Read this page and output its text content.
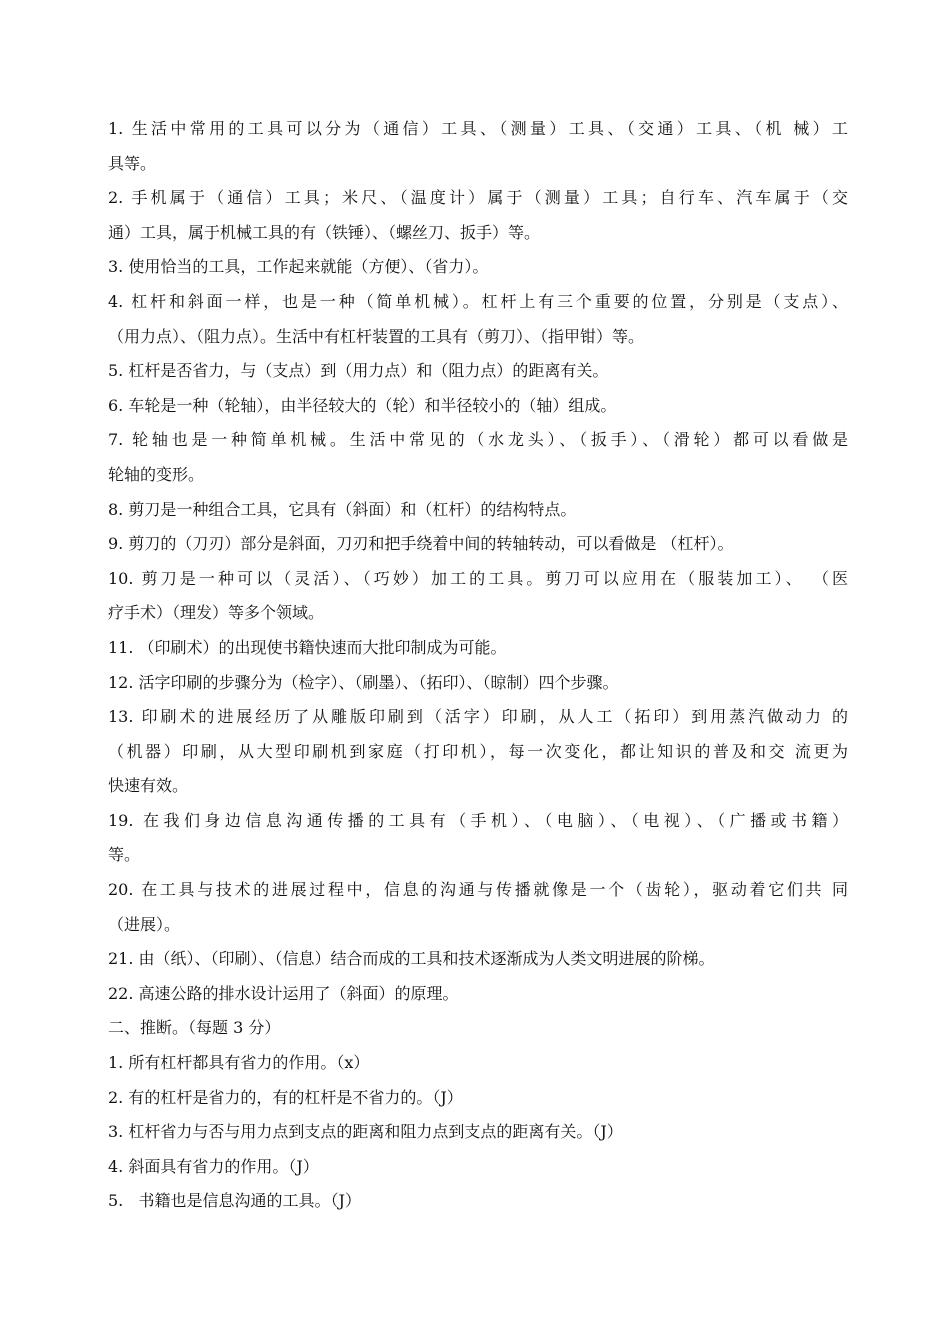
1. 生活中常用的工具可以分为（通信）工具、（测量）工具、（交通）工具、（机 械）工
具等。
2. 手机属于（通信）工具；米尺、（温度计）属于（测量）工具；自行车、汽车属于（交
通）工具，属于机械工具的有（铁锤）、（螺丝刀、扳手）等。
3. 使用恰当的工具，工作起来就能（方便）、（省力）。
4. 杠杆和斜面一样，也是一种（简单机械）。杠杆上有三个重要的位置，分别是（支点）、
（用力点）、（阻力点）。生活中有杠杆装置的工具有（剪刀）、（指甲钳）等。
5. 杠杆是否省力，与（支点）到（用力点）和（阻力点）的距离有关。
6. 车轮是一种（轮轴），由半径较大的（轮）和半径较小的（轴）组成。
7. 轮轴也是一种简单机械。生活中常见的（水龙头）、（扳手）、（滑轮）都可以看做是
轮轴的变形。
8. 剪刀是一种组合工具，它具有（斜面）和（杠杆）的结构特点。
9. 剪刀的（刀刃）部分是斜面，刀刃和把手绕着中间的转轴转动，可以看做是 （杠杆）。
10. 剪刀是一种可以（灵活）、（巧妙）加工的工具。剪刀可以应用在（服装加工）、 （医
疗手术）（理发）等多个领域。
11. （印刷术）的出现使书籍快速而大批印制成为可能。
12. 活字印刷的步骤分为（检字）、（刷墨）、（拓印）、（晾制）四个步骤。
13. 印刷术的进展经历了从雕版印刷到（活字）印刷，从人工（拓印）到用蒸汽做动力 的
（机器）印刷，从大型印刷机到家庭（打印机），每一次变化，都让知识的普及和交 流更为
快速有效。
19. 在我们身边信息沟通传播的工具有（手机）、（电脑）、（电视）、（广播或书籍）
等。
20. 在工具与技术的进展过程中，信息的沟通与传播就像是一个（齿轮），驱动着它们共 同
（进展）。
21. 由（纸）、（印刷）、（信息）结合而成的工具和技术逐渐成为人类文明进展的阶梯。
22. 高速公路的排水设计运用了（斜面）的原理。
二、推断。（每题 3 分）
1. 所有杠杆都具有省力的作用。（x）
2. 有的杠杆是省力的，有的杠杆是不省力的。（J）
3. 杠杆省力与否与用力点到支点的距离和阻力点到支点的距离有关。（J）
4. 斜面具有省力的作用。（J）
5.   书籍也是信息沟通的工具。（J）
